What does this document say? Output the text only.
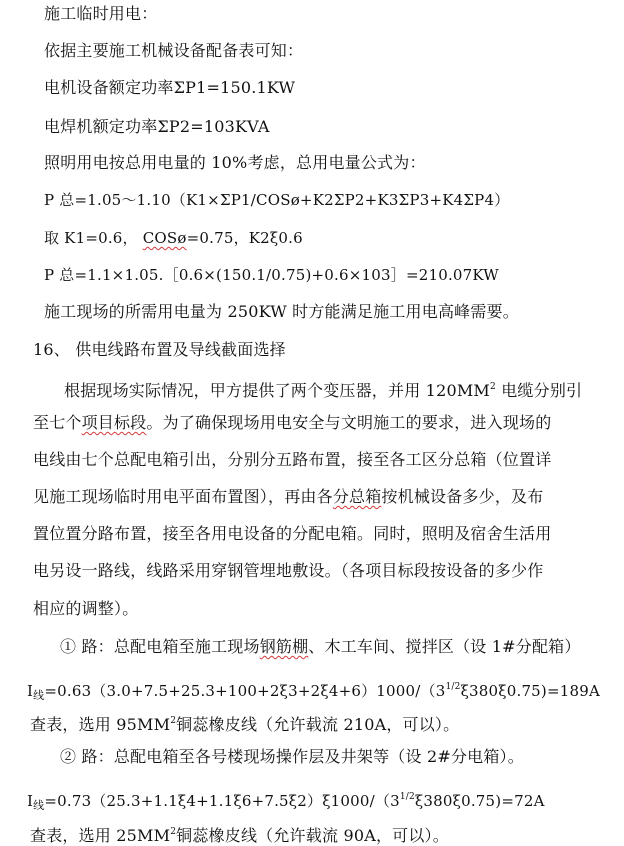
施工临时用电：
依据主要施工机械设备配备表可知：
电机设备额定功率ΣP1=150.1KW
电焊机额定功率ΣP2=103KVA
照明用电按总用电量的 10%考虑，总用电量公式为：
P 总=1.05～1.10（K1×ΣP1/COSø+K2ΣP2+K3ΣP3+K4ΣP4）
取 K1=0.6， COSø=0.75，K2ξ0.6
P 总=1.1×1.05.［0.6×(150.1/0.75)+0.6×103］=210.07KW
施工现场的所需用电量为 250KW 时方能满足施工用电高峰需要。
16、 供电线路布置及导线截面选择
根据现场实际情况，甲方提供了两个变压器，并用 $120MM^2$ 电缆分别引
至七个项目标段。为了确保现场用电安全与文明施工的要求，进入现场的
电线由七个总配电箱引出，分别分五路布置，接至各工区分总箱（位置详
见施工现场临时用电平面布置图），再由各分总箱按机械设备多少，及布
置位置分路布置，接至各用电设备的分配电箱。同时，照明及宿舍生活用
电另设一路线，线路采用穿钢管埋地敷设。（各项目标段按设备的多少作
相应的调整）。
① 路：总配电箱至施工现场钢筋棚、木工车间、搅拌区（设 1#分配箱）
$I_线=0.63(3.0+7.5+25.3+100+2\xi 3+2\xi 4+6)1000/(3^{1/2}\xi 380\xi 0.75)=189A$
查表，选用 $95MM^2$铜蕊橡皮线（允许载流 210A，可以）。
② 路：总配电箱至各号楼现场操作层及井架等（设 2#分电箱）。
$I_线=0.73(25.3+1.1\xi 4+1.1\xi 6+7.5\xi 2)\xi 1000/(3^{1/2}\xi 380\xi 0.75)=72A$
查表，选用 $25MM^2$铜蕊橡皮线（允许载流 90A，可以）。
